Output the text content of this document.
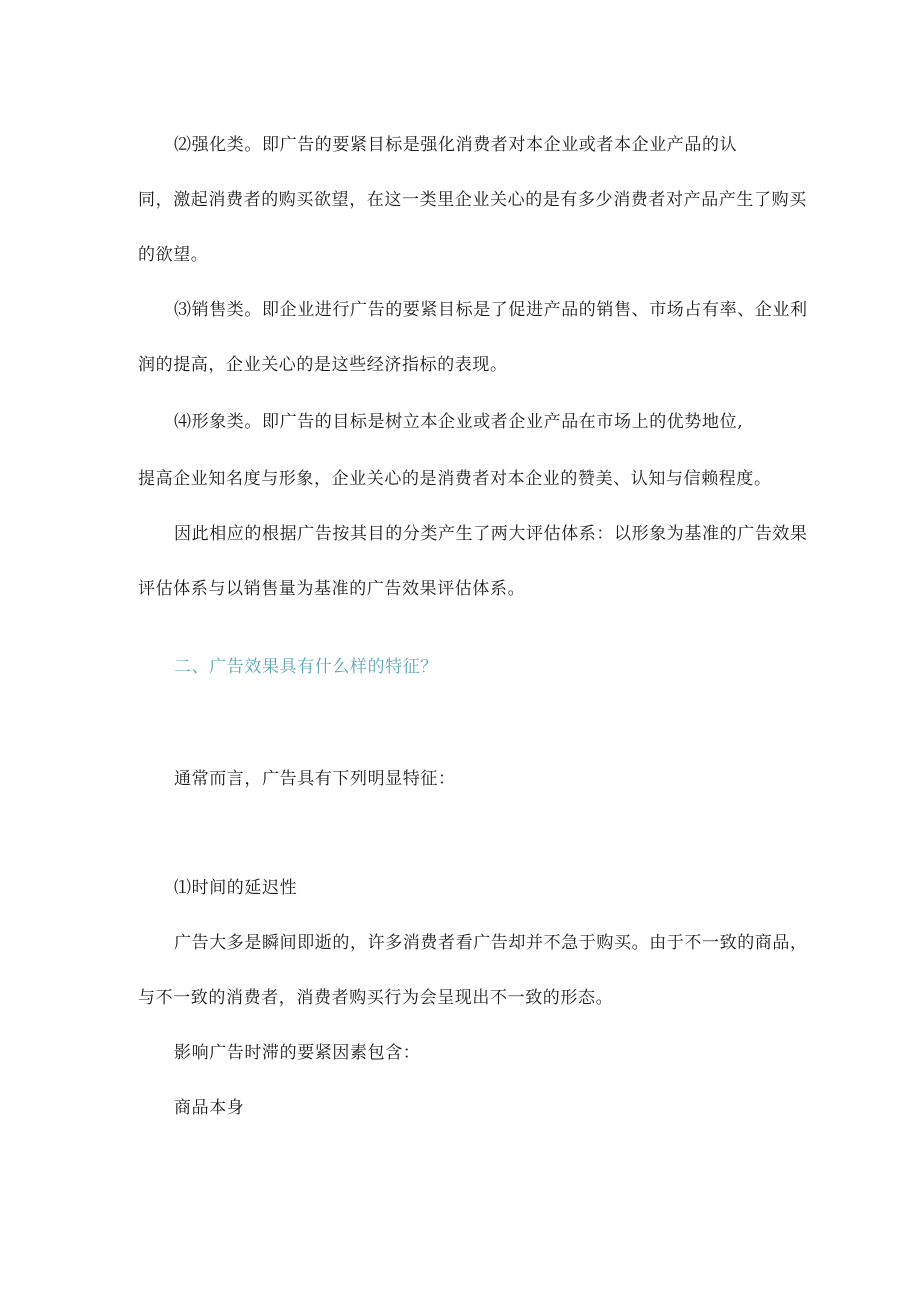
⑵强化类。即广告的要紧目标是强化消费者对本企业或者本企业产品的认
同，激起消费者的购买欲望，在这一类里企业关心的是有多少消费者对产品产生了购买
的欲望。
⑶销售类。即企业进行广告的要紧目标是了促进产品的销售、市场占有率、企业利
润的提高，企业关心的是这些经济指标的表现。
⑷形象类。即广告的目标是树立本企业或者企业产品在市场上的优势地位,
提高企业知名度与形象，企业关心的是消费者对本企业的赞美、认知与信赖程度。
因此相应的根据广告按其目的分类产生了两大评估体系：以形象为基准的广告效果
评估体系与以销售量为基准的广告效果评估体系。
二、广告效果具有什么样的特征？
通常而言，广告具有下列明显特征：
⑴时间的延迟性
广告大多是瞬间即逝的，许多消费者看广告却并不急于购买。由于不一致的商品，
与不一致的消费者，消费者购买行为会呈现出不一致的形态。
影响广告时滞的要紧因素包含：
商品本身
